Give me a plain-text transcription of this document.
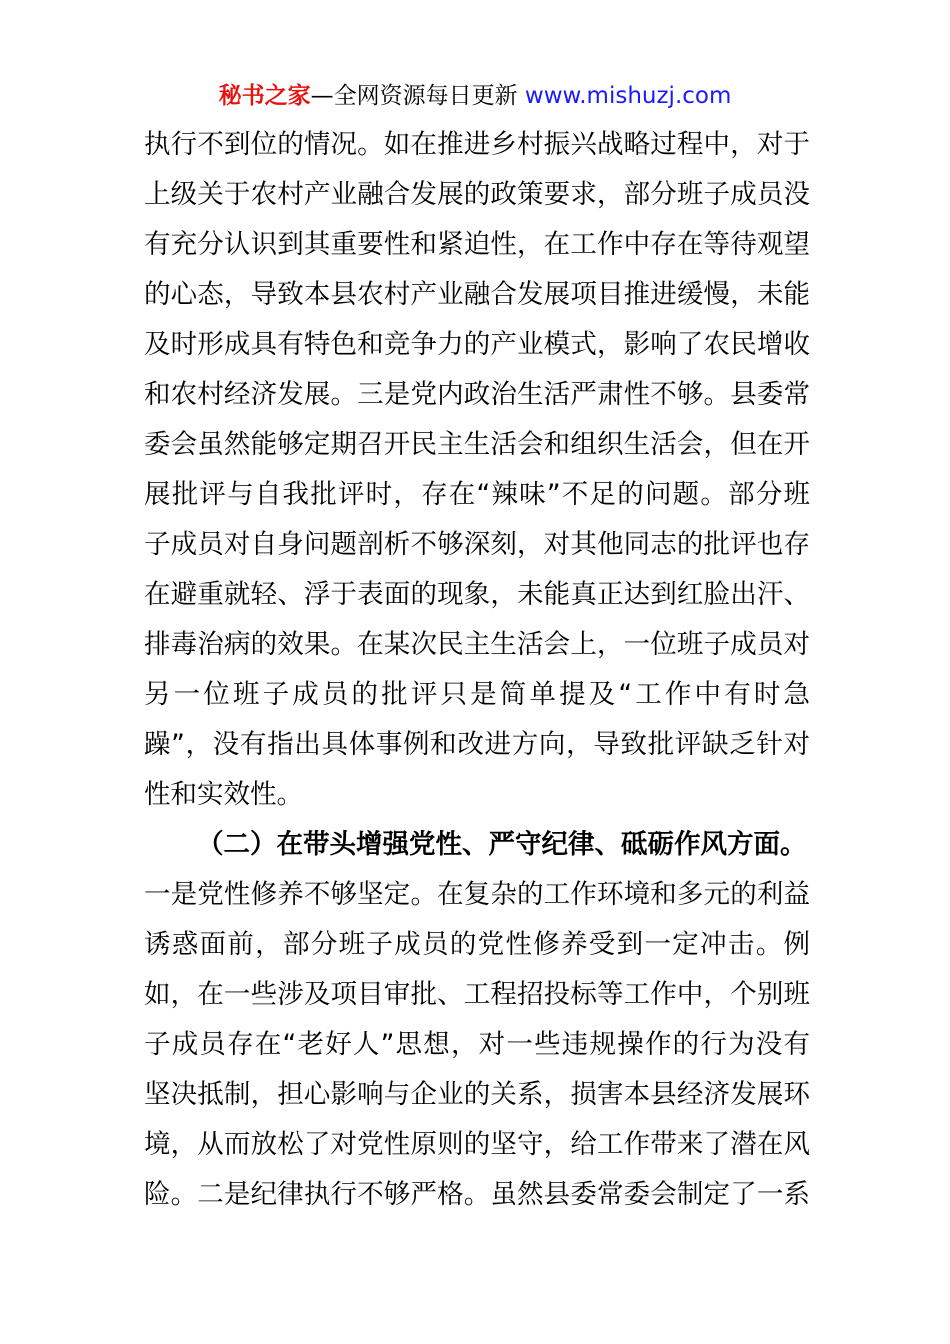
秘书之家—全网资源每日更新 www.mishuzj.com
执行不到位的情况。如在推进乡村振兴战略过程中，对于
上级关于农村产业融合发展的政策要求，部分班子成员没
有充分认识到其重要性和紧迫性，在工作中存在等待观望
的心态，导致本县农村产业融合发展项目推进缓慢，未能
及时形成具有特色和竞争力的产业模式，影响了农民增收
和农村经济发展。三是党内政治生活严肃性不够。县委常
委会虽然能够定期召开民主生活会和组织生活会，但在开
展批评与自我批评时，存在“辣味”不足的问题。部分班
子成员对自身问题剖析不够深刻，对其他同志的批评也存
在避重就轻、浮于表面的现象，未能真正达到红脸出汗、
排毒治病的效果。在某次民主生活会上，一位班子成员对
另一位班子成员的批评只是简单提及“工作中有时急
躁”，没有指出具体事例和改进方向，导致批评缺乏针对
性和实效性。
（二）在带头增强党性、严守纪律、砥砺作风方面。
一是党性修养不够坚定。在复杂的工作环境和多元的利益
诱惑面前，部分班子成员的党性修养受到一定冲击。例
如，在一些涉及项目审批、工程招投标等工作中，个别班
子成员存在“老好人”思想，对一些违规操作的行为没有
坚决抵制，担心影响与企业的关系，损害本县经济发展环
境，从而放松了对党性原则的坚守，给工作带来了潜在风
险。二是纪律执行不够严格。虽然县委常委会制定了一系
